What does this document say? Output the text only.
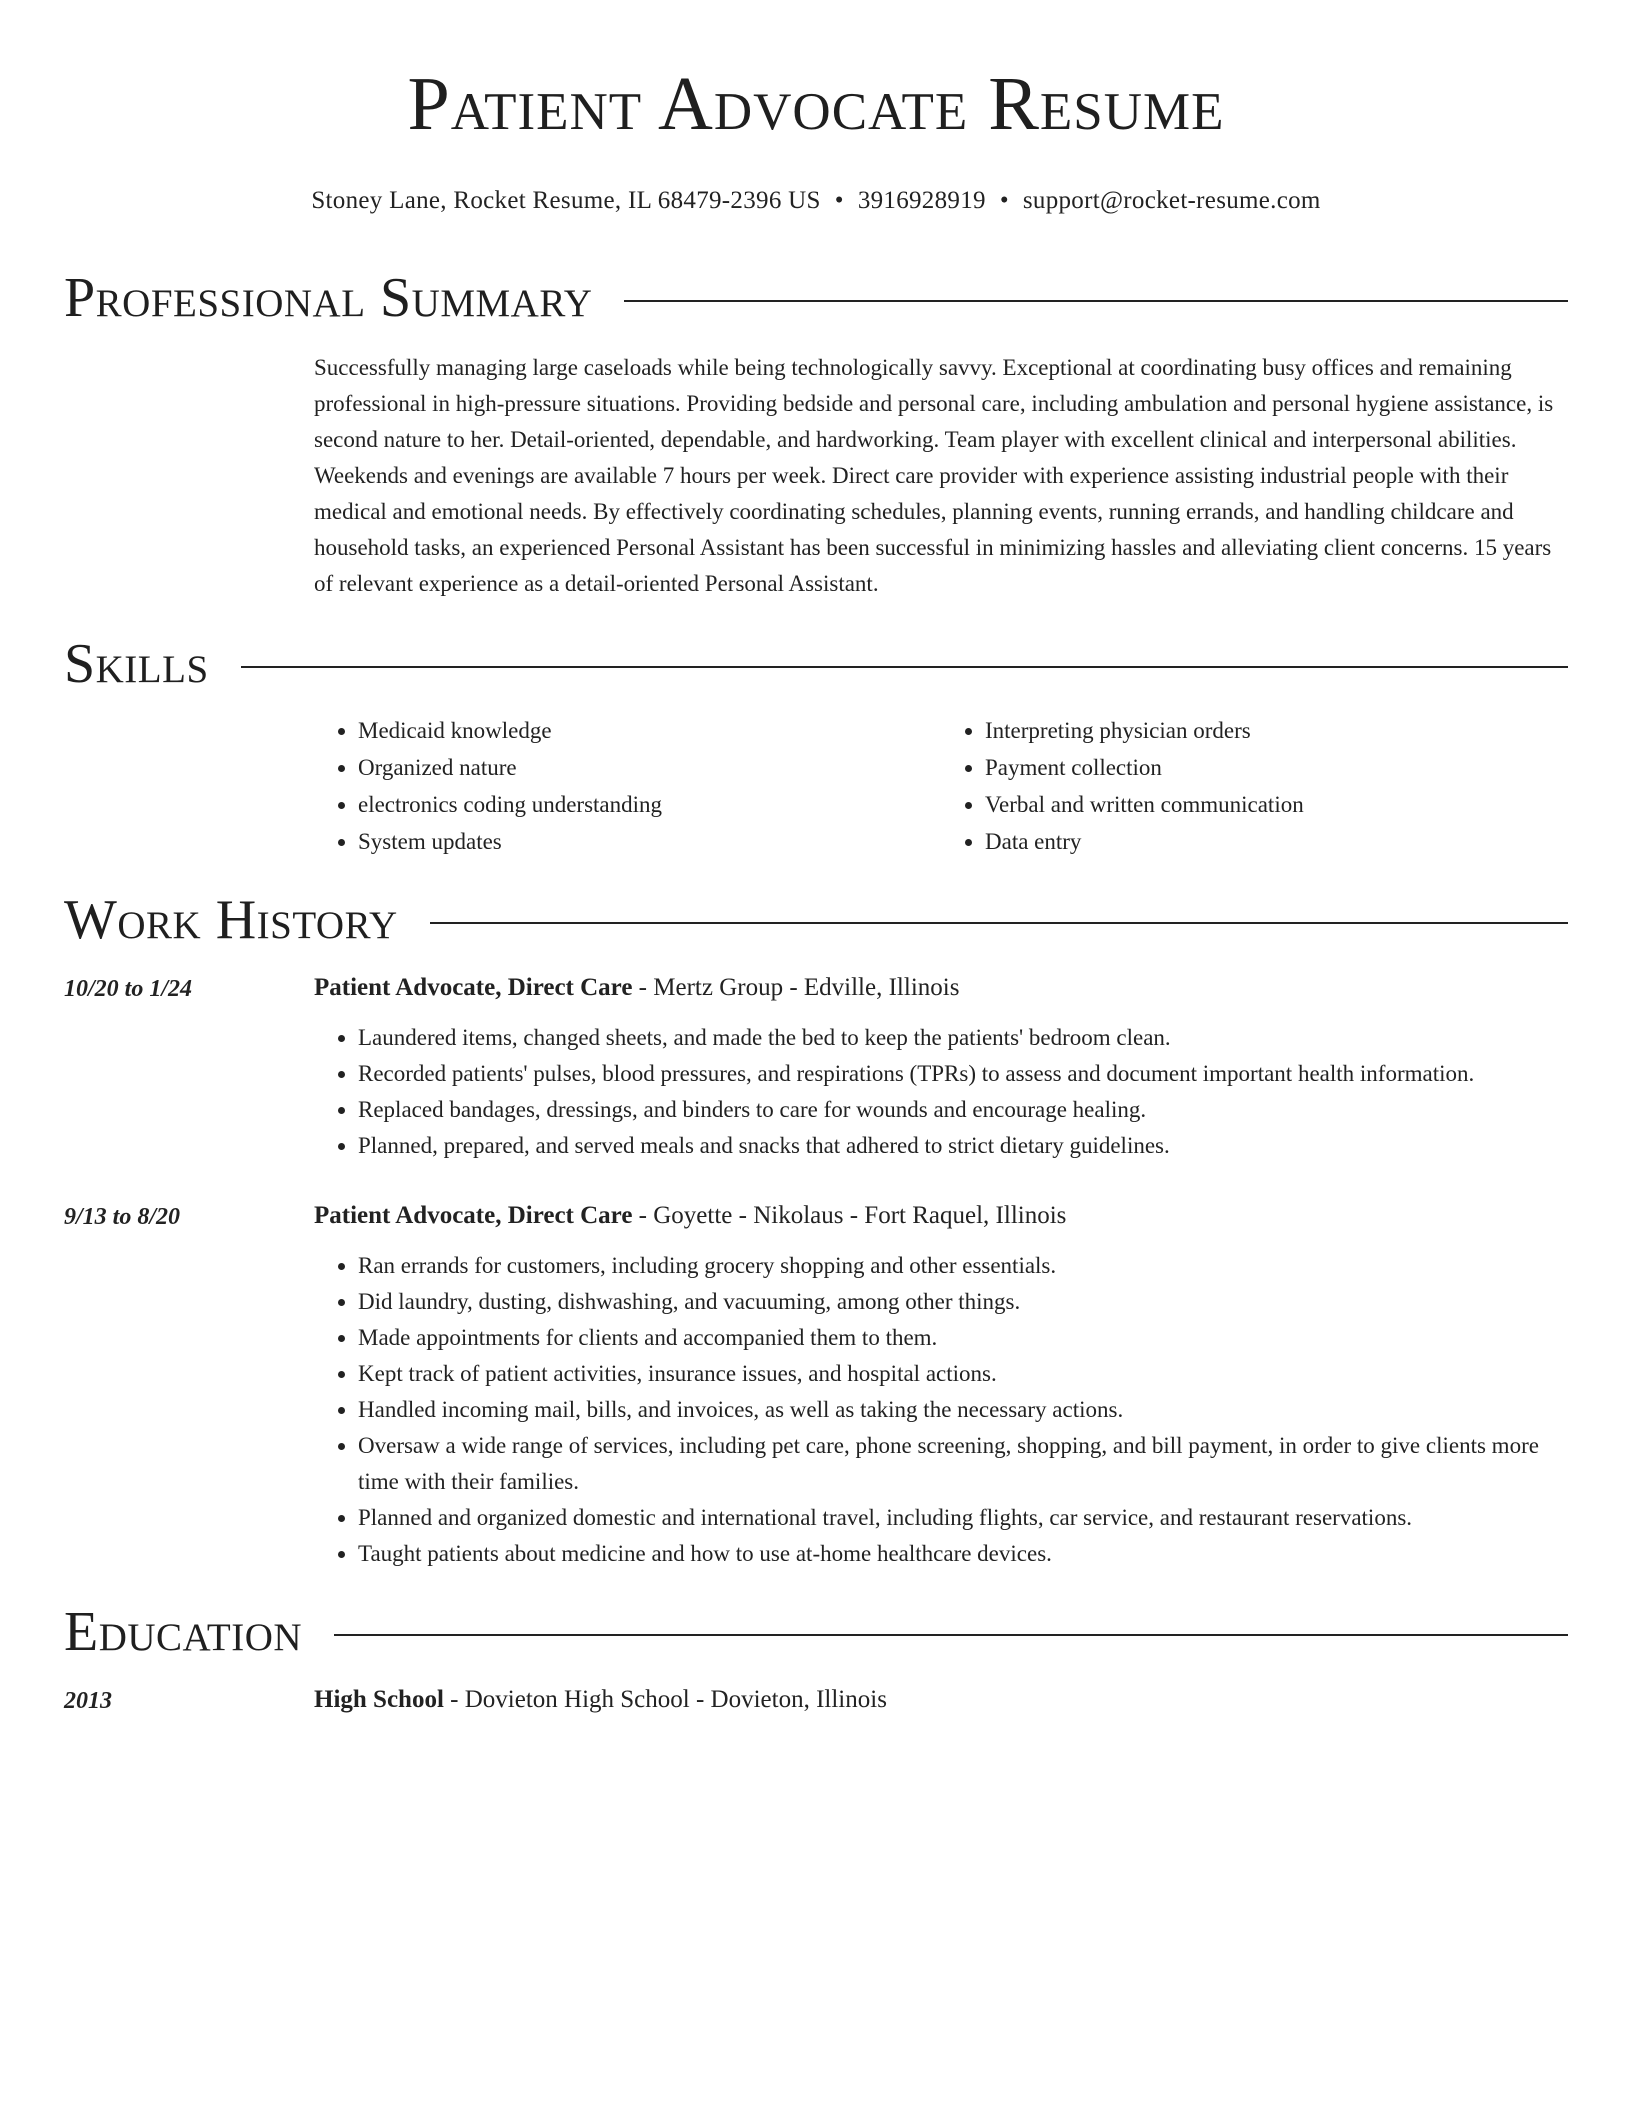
Patient Advocate Resume
Stoney Lane, Rocket Resume, IL 68479-2396 US • 3916928919 • support@rocket-resume.com
Professional Summary
Successfully managing large caseloads while being technologically savvy. Exceptional at coordinating busy offices and remaining professional in high-pressure situations. Providing bedside and personal care, including ambulation and personal hygiene assistance, is second nature to her. Detail-oriented, dependable, and hardworking. Team player with excellent clinical and interpersonal abilities. Weekends and evenings are available 7 hours per week. Direct care provider with experience assisting industrial people with their medical and emotional needs. By effectively coordinating schedules, planning events, running errands, and handling childcare and household tasks, an experienced Personal Assistant has been successful in minimizing hassles and alleviating client concerns. 15 years of relevant experience as a detail-oriented Personal Assistant.
Skills
• Medicaid knowledge
• Organized nature
• electronics coding understanding
• System updates
• Interpreting physician orders
• Payment collection
• Verbal and written communication
• Data entry
Work History
10/20 to 1/24	Patient Advocate, Direct Care - Mertz Group - Edville, Illinois
• Laundered items, changed sheets, and made the bed to keep the patients' bedroom clean.
• Recorded patients' pulses, blood pressures, and respirations (TPRs) to assess and document important health information.
• Replaced bandages, dressings, and binders to care for wounds and encourage healing.
• Planned, prepared, and served meals and snacks that adhered to strict dietary guidelines.
9/13 to 8/20	Patient Advocate, Direct Care - Goyette - Nikolaus - Fort Raquel, Illinois
• Ran errands for customers, including grocery shopping and other essentials.
• Did laundry, dusting, dishwashing, and vacuuming, among other things.
• Made appointments for clients and accompanied them to them.
• Kept track of patient activities, insurance issues, and hospital actions.
• Handled incoming mail, bills, and invoices, as well as taking the necessary actions.
• Oversaw a wide range of services, including pet care, phone screening, shopping, and bill payment, in order to give clients more time with their families.
• Planned and organized domestic and international travel, including flights, car service, and restaurant reservations.
• Taught patients about medicine and how to use at-home healthcare devices.
Education
2013	High School - Dovieton High School - Dovieton, Illinois
